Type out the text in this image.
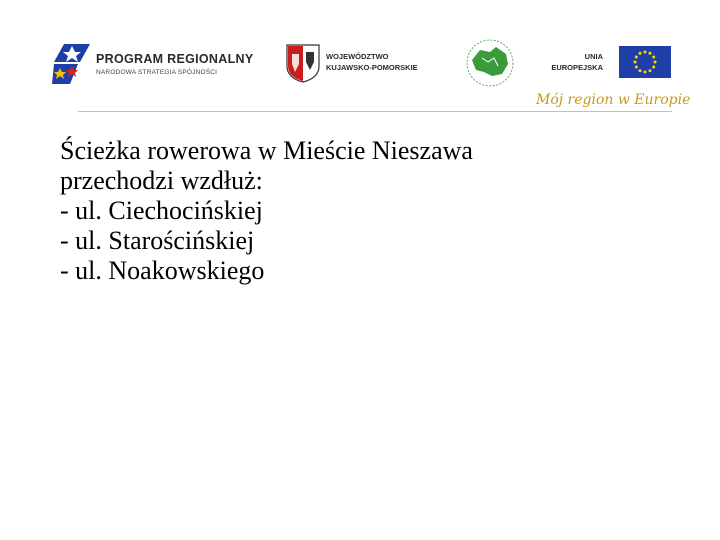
PROGRAM REGIONALNY
NARODOWA STRATEGIA SPÓJNOŚCI
WOJEWÓDZTWO
KUJAWSKO-POMORSKIE
UNIA
EUROPEJSKA
Mój region w Europie
Ścieżka rowerowa w Mieście Nieszawa
przechodzi wzdłuż:
- ul. Ciechocińskiej
- ul. Starościńskiej
- ul. Noakowskiego
